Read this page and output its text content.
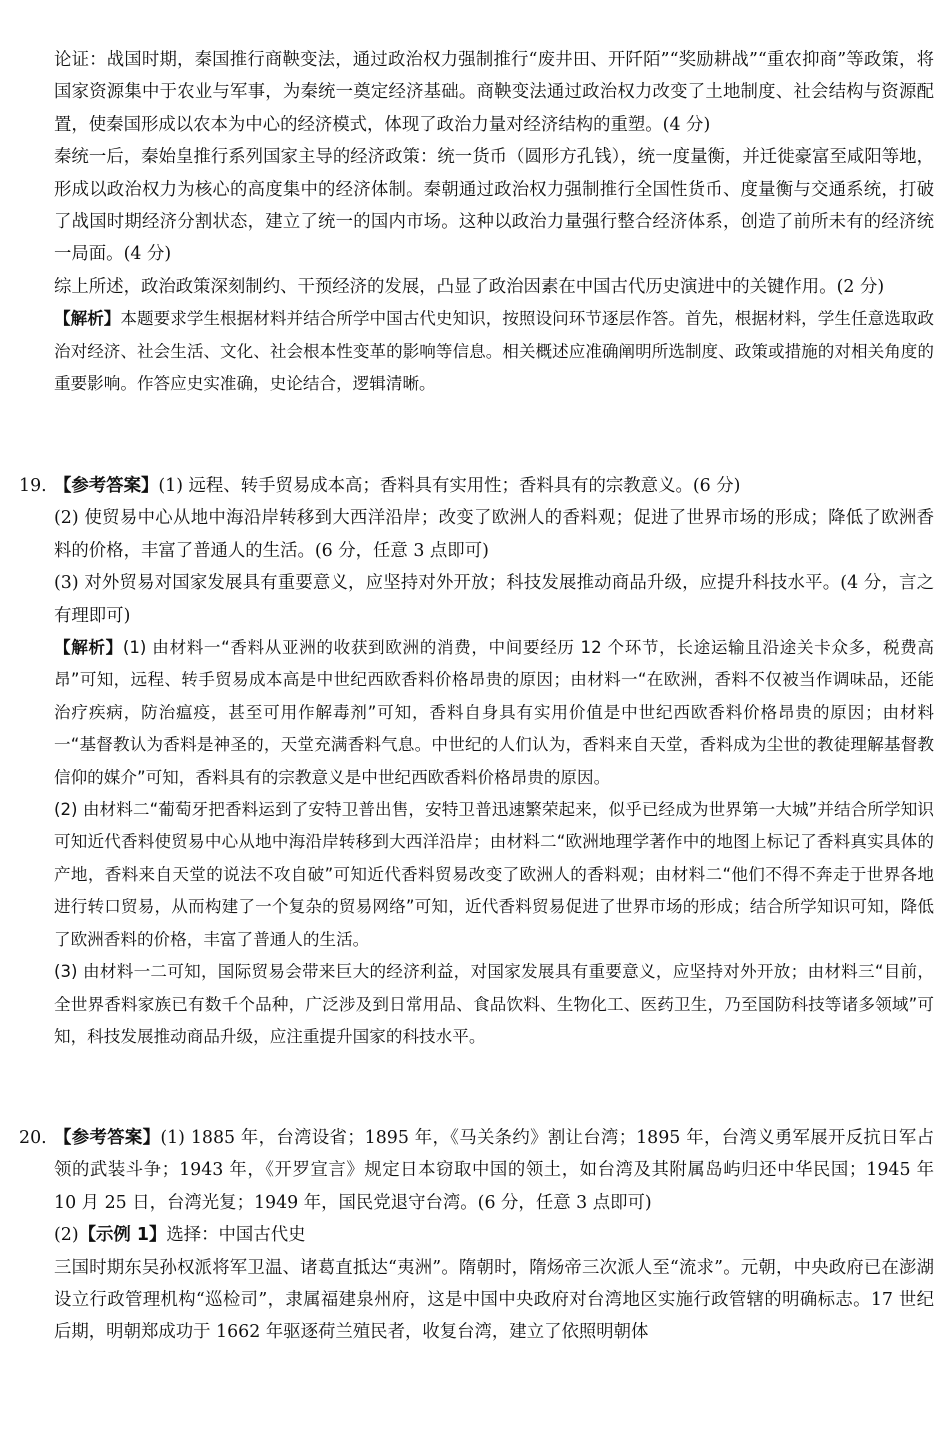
论证：战国时期，秦国推行商鞅变法，通过政治权力强制推行“废井田、开阡陌”“奖励耕战”“重农抑商”等政策，将国家资源集中于农业与军事，为秦统一奠定经济基础。商鞅变法通过政治权力改变了土地制度、社会结构与资源配置，使秦国形成以农本为中心的经济模式，体现了政治力量对经济结构的重塑。(4 分)

秦统一后，秦始皇推行系列国家主导的经济政策：统一货币（圆形方孔钱），统一度量衡，并迁徙豪富至咸阳等地，形成以政治权力为核心的高度集中的经济体制。秦朝通过政治权力强制推行全国性货币、度量衡与交通系统，打破了战国时期经济分割状态，建立了统一的国内市场。这种以政治力量强行整合经济体系，创造了前所未有的经济统一局面。(4 分)

综上所述，政治政策深刻制约、干预经济的发展，凸显了政治因素在中国古代历史演进中的关键作用。(2 分)

【解析】本题要求学生根据材料并结合所学中国古代史知识，按照设问环节逐层作答。首先，根据材料，学生任意选取政治对经济、社会生活、文化、社会根本性变革的影响等信息。相关概述应准确阐明所选制度、政策或措施的对相关角度的重要影响。作答应史实准确，史论结合，逻辑清晰。

19. 【参考答案】(1) 远程、转手贸易成本高；香料具有实用性；香料具有的宗教意义。(6 分)

(2) 使贸易中心从地中海沿岸转移到大西洋沿岸；改变了欧洲人的香料观；促进了世界市场的形成；降低了欧洲香料的价格，丰富了普通人的生活。(6 分，任意 3 点即可)

(3) 对外贸易对国家发展具有重要意义，应坚持对外开放；科技发展推动商品升级，应提升科技水平。(4 分，言之有理即可)

【解析】(1) 由材料一“香料从亚洲的收获到欧洲的消费，中间要经历 12 个环节，长途运输且沿途关卡众多，税费高昂”可知，远程、转手贸易成本高是中世纪西欧香料价格昂贵的原因；由材料一“在欧洲，香料不仅被当作调味品，还能治疗疾病，防治瘟疫，甚至可用作解毒剂”可知，香料自身具有实用价值是中世纪西欧香料价格昂贵的原因；由材料一“基督教认为香料是神圣的，天堂充满香料气息。中世纪的人们认为，香料来自天堂，香料成为尘世的教徒理解基督教信仰的媒介”可知，香料具有的宗教意义是中世纪西欧香料价格昂贵的原因。

(2) 由材料二“葡萄牙把香料运到了安特卫普出售，安特卫普迅速繁荣起来，似乎已经成为世界第一大城”并结合所学知识可知近代香料使贸易中心从地中海沿岸转移到大西洋沿岸；由材料二“欧洲地理学著作中的地图上标记了香料真实具体的产地，香料来自天堂的说法不攻自破”可知近代香料贸易改变了欧洲人的香料观；由材料二“他们不得不奔走于世界各地进行转口贸易，从而构建了一个复杂的贸易网络”可知，近代香料贸易促进了世界市场的形成；结合所学知识可知，降低了欧洲香料的价格，丰富了普通人的生活。

(3) 由材料一二可知，国际贸易会带来巨大的经济利益，对国家发展具有重要意义，应坚持对外开放；由材料三“目前，全世界香料家族已有数千个品种，广泛涉及到日常用品、食品饮料、生物化工、医药卫生，乃至国防科技等诸多领域”可知，科技发展推动商品升级，应注重提升国家的科技水平。

20. 【参考答案】(1) 1885 年，台湾设省；1895 年，《马关条约》割让台湾；1895 年，台湾义勇军展开反抗日军占领的武装斗争；1943 年，《开罗宣言》规定日本窃取中国的领土，如台湾及其附属岛屿归还中华民国；1945 年 10 月 25 日，台湾光复；1949 年，国民党退守台湾。(6 分，任意 3 点即可)

(2)【示例 1】选择：中国古代史

三国时期东吴孙权派将军卫温、诸葛直抵达“夷洲”。隋朝时，隋炀帝三次派人至“流求”。元朝，中央政府已在澎湖设立行政管理机构“巡检司”，隶属福建泉州府，这是中国中央政府对台湾地区实施行政管辖的明确标志。17 世纪后期，明朝郑成功于 1662 年驱逐荷兰殖民者，收复台湾，建立了依照明朝体
